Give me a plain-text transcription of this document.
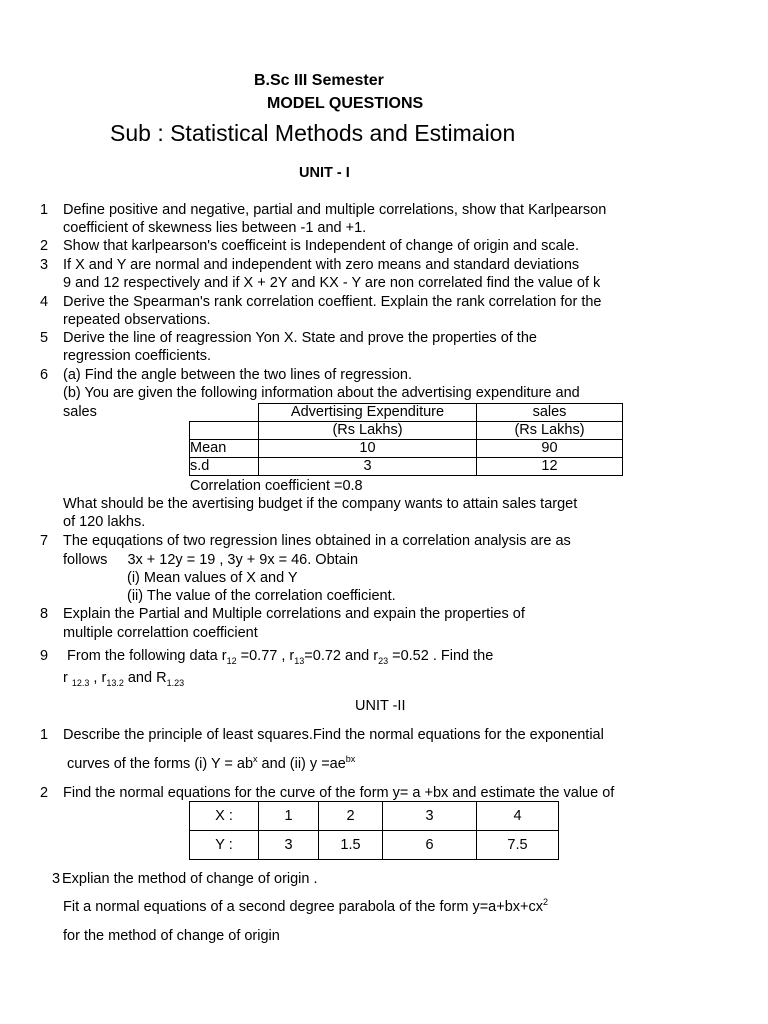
B.Sc III Semester
MODEL QUESTIONS
Sub : Statistical Methods and Estimaion
UNIT - I
1 Define positive and negative, partial and multiple correlations, show that Karlpearson
coefficient of skewness lies between -1 and +1.
2 Show that karlpearson's coefficeint is Independent of change of origin and scale.
3 If X and Y are normal and independent with zero means and standard deviations
9 and 12 respectively and if X + 2Y and KX - Y are non correlated find the value of k
4 Derive the Spearman's rank correlation coeffient. Explain the rank correlation for the
repeated observations.
5 Derive the line of reagression Yon X. State and prove the properties of the
regression coefficients.
6 (a) Find the angle between the two lines of regression.
(b) You are given the following information about the advertising expenditure and
sales
		Advertising Expenditure	sales
	(Rs Lakhs)	(Rs Lakhs)
Mean	10	90
s.d	3	12
Correlation coefficient =0.8
What should be the avertising budget if the company wants to attain sales target
of 120 lakhs.
7 The equqations of two regression lines obtained in a correlation analysis are as
follows     3x + 12y = 19 , 3y + 9x = 46. Obtain
(i) Mean values of X and Y
(ii) The value of the correlation coefficient.
8 Explain the Partial and Multiple correlations and expain the properties of
multiple correlattion coefficient
9 From the following data $r_{12} =0.77$ , $r_{13}=0.72$ and $r_{23} =0.52$ . Find the
r $_{12.3}$ , $r_{13.2}$ and $R_{1.23}$
UNIT -II
1 Describe the principle of least squares.Find the normal equations for the exponential
curves of the forms (i) $Y = ab^x$ and (ii) $y =ae^{bx}$
2 Find the normal equations for the curve of the form y= a +bx and estimate the value of
X :	1	2	3	4
Y :	3	1.5	6	7.5
3 Explian the method of change of origin .
Fit a normal equations of a second degree parabola of the form $y=a+bx+cx^2$
for the method of change of origin
